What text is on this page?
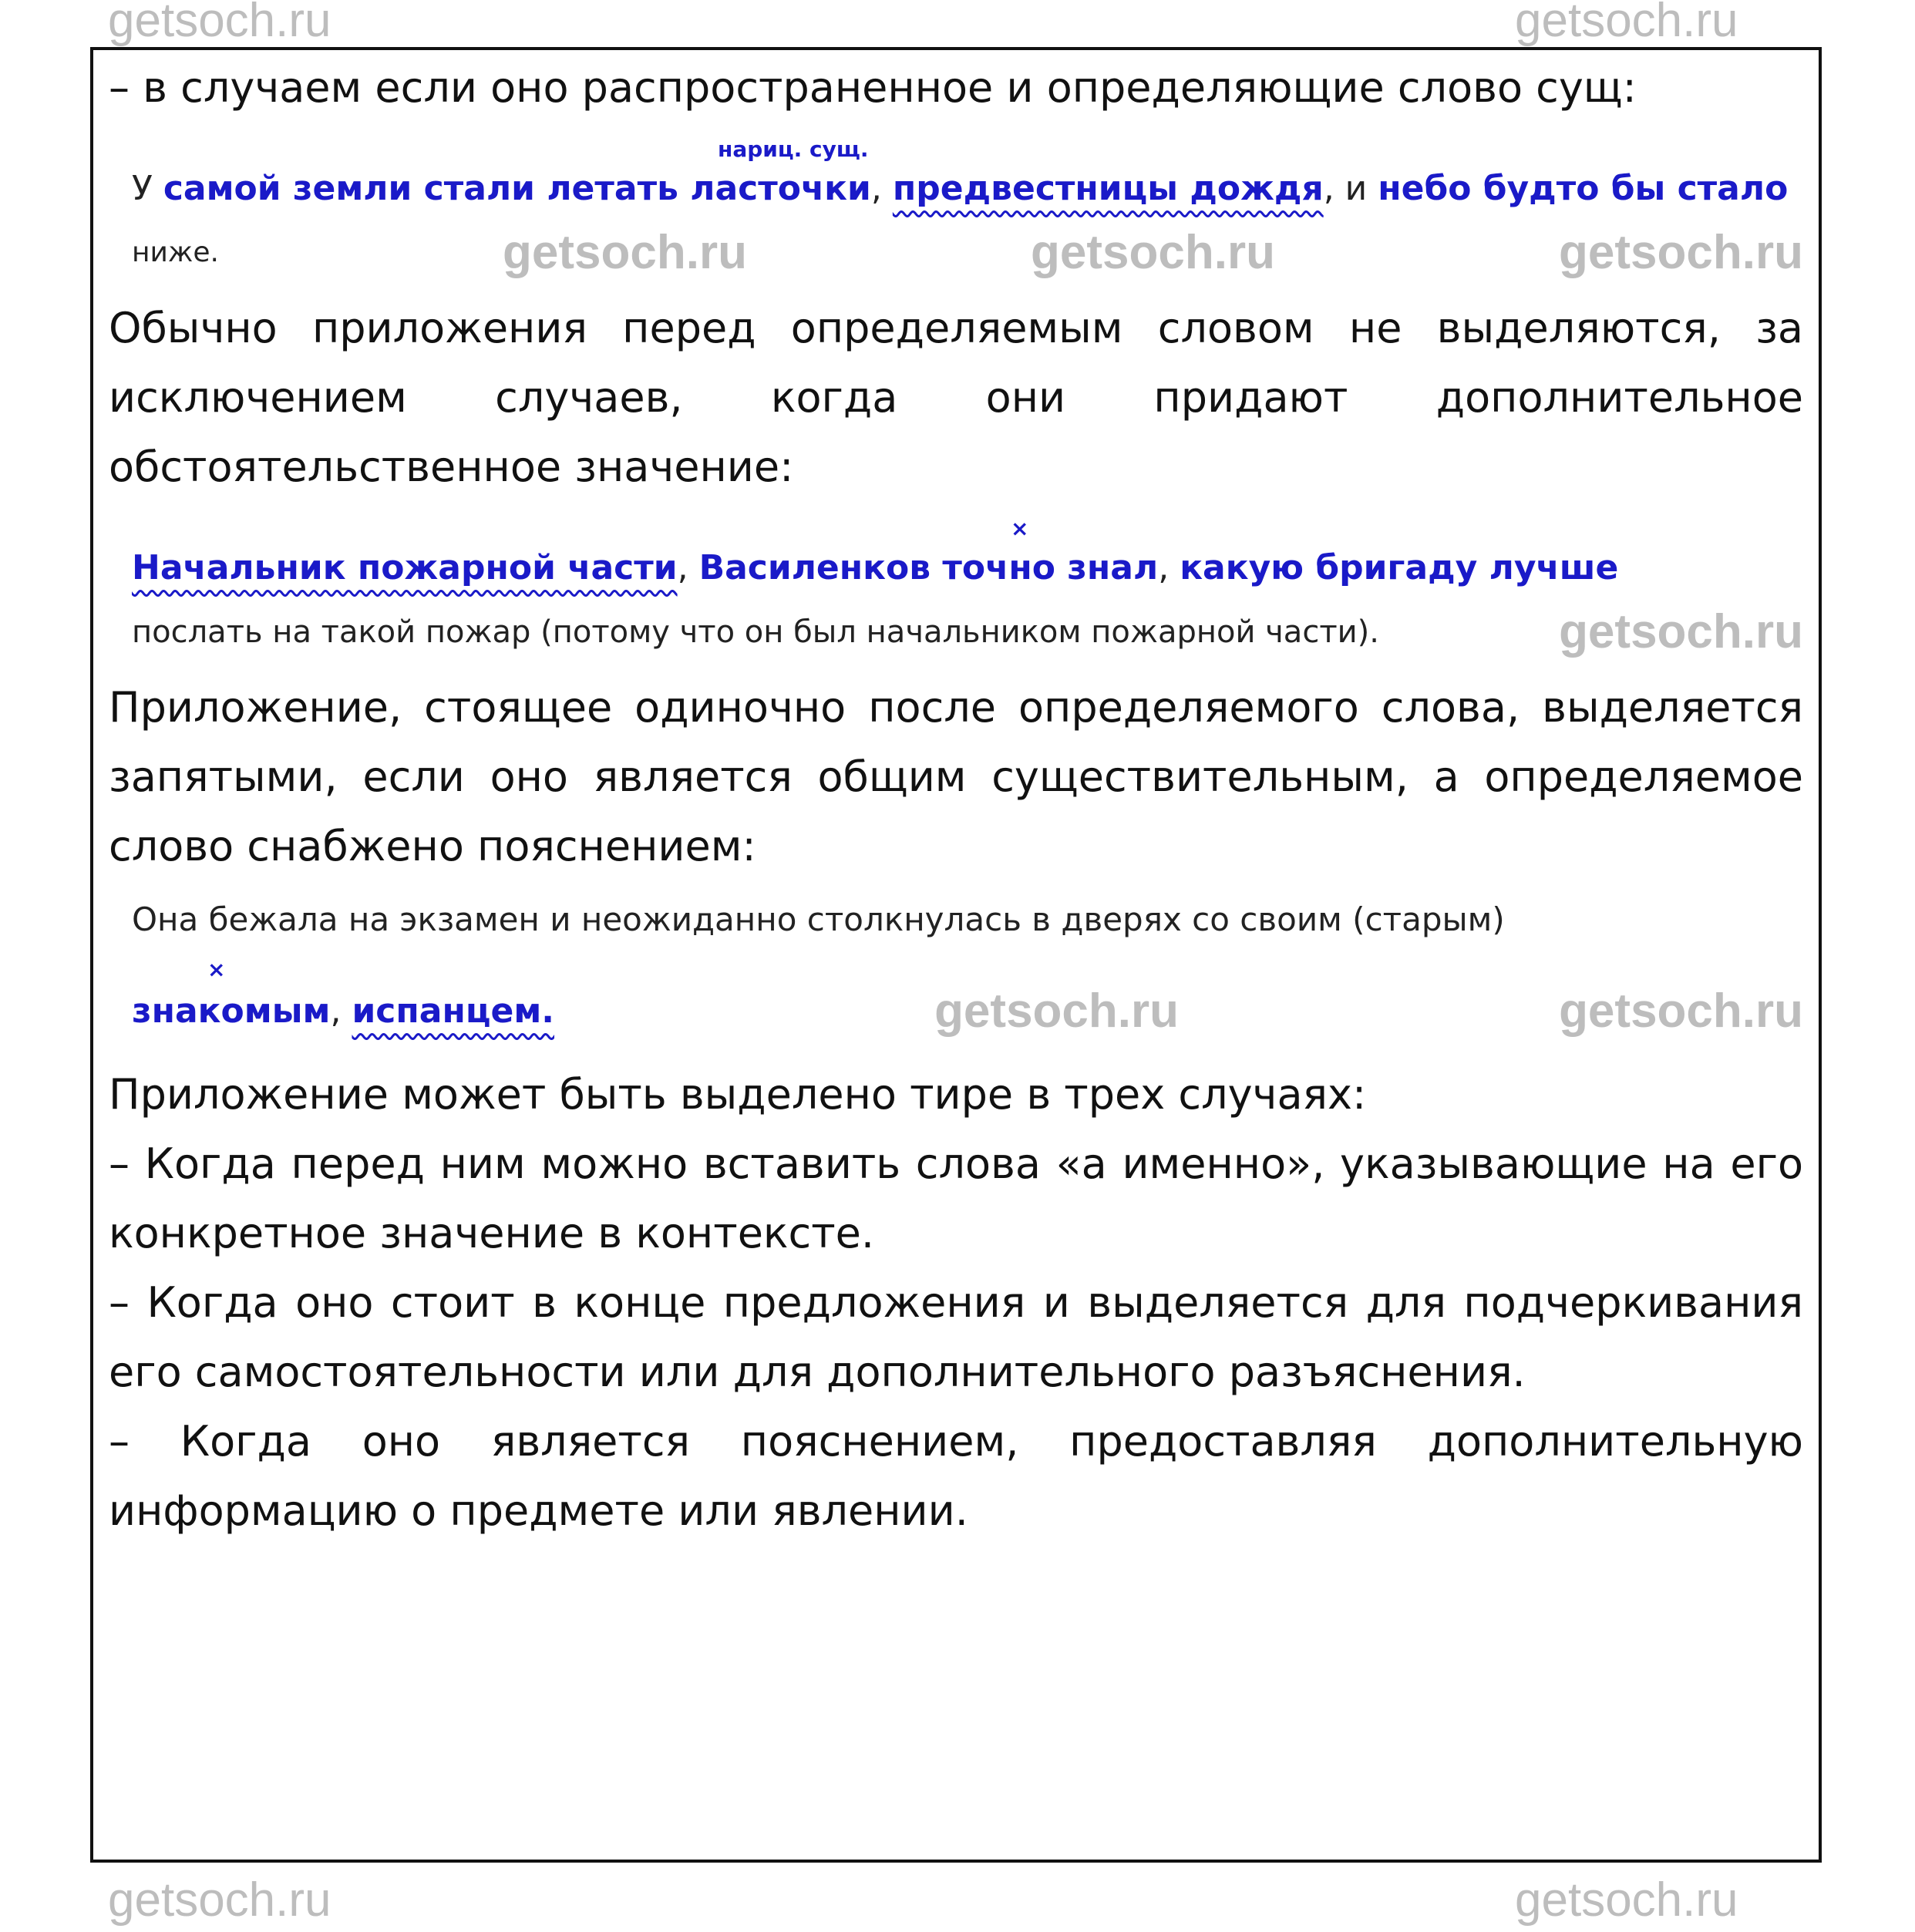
getsoch.ru	getsoch.ru
– в случаем если оно распространенное и определяющие слово сущ:
нариц. сущ.
У самой земли стали летать ласточки, предвестницы дождя, и небо будто бы стало
ниже.	getsoch.ru	getsoch.ru	getsoch.ru
Обычно приложения перед определяемым словом не выделяются, за исключением случаев, когда они придают дополнительное обстоятельственное значение:
×
Начальник пожарной части, Василенков точно знал, какую бригаду лучше
послать на такой пожар (потому что он был начальником пожарной части).	getsoch.ru
Приложение, стоящее одиночно после определяемого слова, выделяется запятыми, если оно является общим существительным, а определяемое слово снабжено пояснением:
Она бежала на экзамен и неожиданно столкнулась в дверях со своим (старым)
×
знакомым, испанцем.	getsoch.ru	getsoch.ru
Приложение может быть выделено тире в трех случаях:
– Когда перед ним можно вставить слова «а именно», указывающие на его конкретное значение в контексте.
– Когда оно стоит в конце предложения и выделяется для подчеркивания его самостоятельности или для дополнительного разъяснения.
– Когда оно является пояснением, предоставляя дополнительную информацию о предмете или явлении.
getsoch.ru	getsoch.ru
